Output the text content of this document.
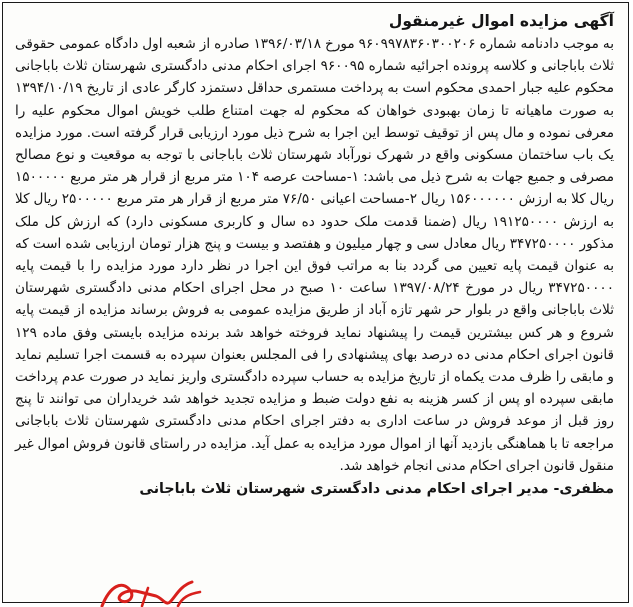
آگهی مزایده اموال غیرمنقول

به موجب دادنامه شماره ۹۶۰۹۹۷۸۳۶۰۳۰۰۲۰۶ مورخ ۱۳۹۶/۰۳/۱۸ صادره از شعبه اول دادگاه عمومی حقوقی ثلاث باباجانی و کلاسه پرونده اجرائیه شماره ۹۶۰۰۹۵ اجرای احکام مدنی دادگستری شهرستان ثلاث باباجانی محکوم علیه جبار احمدی محکوم است به پرداخت مستمری حداقل دستمزد کارگر عادی از تاریخ ۱۳۹۴/۱۰/۱۹ به صورت ماهیانه تا زمان بهبودی خواهان که محکوم له جهت امتناع طلب خویش اموال محکوم علیه را معرفی نموده و مال پس از توقیف توسط این اجرا به شرح ذیل مورد ارزیابی قرار گرفته است. مورد مزایده یک باب ساختمان مسکونی واقع در شهرک نورآباد شهرستان ثلاث باباجانی با توجه به موقعیت و نوع مصالح مصرفی و جمیع جهات به شرح ذیل می باشد: ۱-مساحت عرصه ۱۰۴ متر مربع از قرار هر متر مربع ۱۵۰۰۰۰۰ ریال کلا به ارزش ۱۵۶۰۰۰۰۰۰ ریال ۲-مساحت اعیانی ۷۶/۵۰ متر مربع از قرار هر متر مربع ۲۵۰۰۰۰۰ ریال کلا به ارزش ۱۹۱۲۵۰۰۰۰ ریال (ضمنا قدمت ملک حدود ده سال و کاربری مسکونی دارد) که ارزش کل ملک مذکور ۳۴۷۲۵۰۰۰۰ ریال معادل سی و چهار میلیون و هفتصد و بیست و پنج هزار تومان ارزیابی شده است که به عنوان قیمت پایه تعیین می گردد بنا به مراتب فوق این اجرا در نظر دارد مورد مزایده را با قیمت پایه ۳۴۷۲۵۰۰۰۰ ریال در مورخ ۱۳۹۷/۰۸/۲۴ ساعت ۱۰ صبح در محل اجرای احکام مدنی دادگستری شهرستان ثلاث باباجانی واقع در بلوار حر شهر تازه آباد از طریق مزایده عمومی به فروش برساند مزایده از قیمت پایه شروع و هر کس بیشترین قیمت را پیشنهاد نماید فروخته خواهد شد برنده مزایده بایستی وفق ماده ۱۲۹ قانون اجرای احکام مدنی ده درصد بهای پیشنهادی را فی المجلس بعنوان سپرده به قسمت اجرا تسلیم نماید و مابقی را ظرف مدت یکماه از تاریخ مزایده به حساب سپرده دادگستری واریز نماید در صورت عدم پرداخت مابقی سپرده او پس از کسر هزینه به نفع دولت ضبط و مزایده تجدید خواهد شد خریداران می توانند تا پنج روز قبل از موعد فروش در ساعت اداری به دفتر اجرای احکام مدنی دادگستری شهرستان ثلاث باباجانی مراجعه تا با هماهنگی بازدید آنها از اموال مورد مزایده به عمل آید. مزایده در راستای قانون فروش اموال غیر منقول قانون اجرای احکام مدنی انجام خواهد شد.

مظفری- مدیر اجرای احکام مدنی دادگستری شهرستان ثلاث باباجانی
